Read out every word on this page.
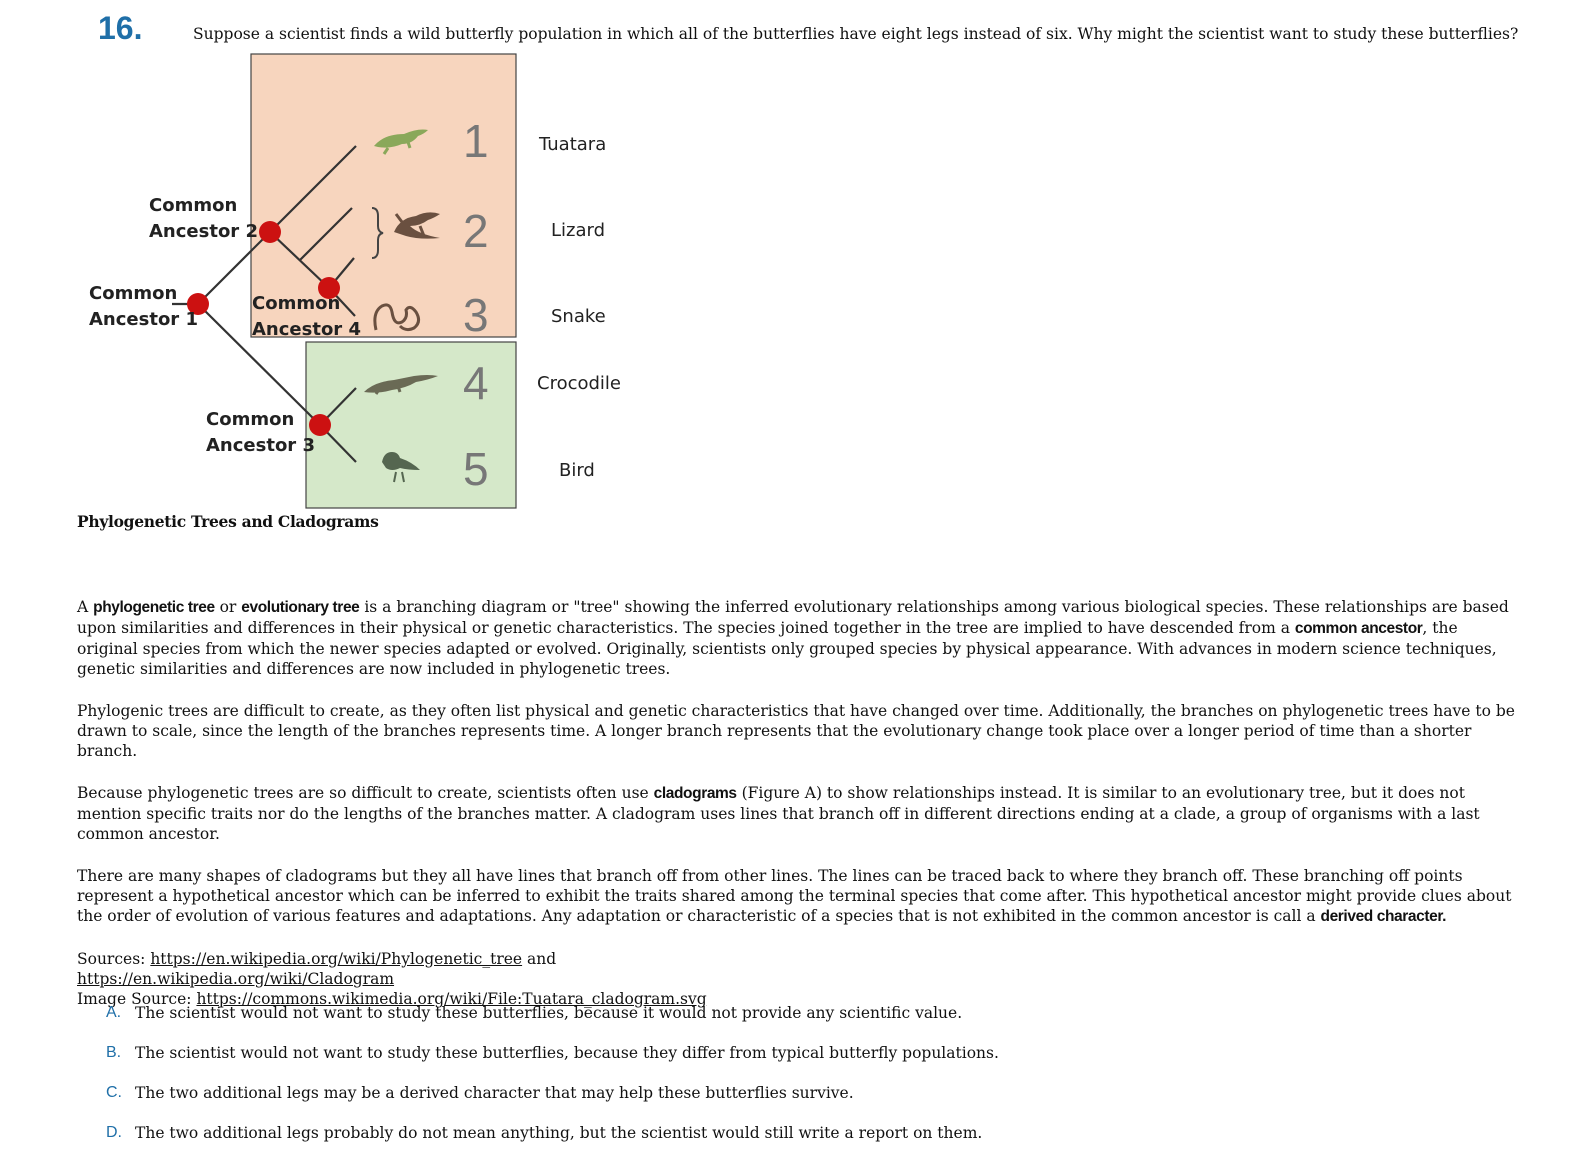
16.	Suppose a scientist finds a wild butterfly population in which all of the butterflies have eight legs instead of six. Why might the scientist want to study these butterflies?
Common
Ancestor 2
Common
Ancestor 1
Common
Ancestor 4
Common
Ancestor 3
1
2
3
4
5
Tuatara
Lizard
Snake
Crocodile
Bird
Phylogenetic Trees and Cladograms

A phylogenetic tree or evolutionary tree is a branching diagram or "tree" showing the inferred evolutionary relationships among various biological species. These relationships are based upon similarities and differences in their physical or genetic characteristics. The species joined together in the tree are implied to have descended from a common ancestor, the original species from which the newer species adapted or evolved. Originally, scientists only grouped species by physical appearance. With advances in modern science techniques, genetic similarities and differences are now included in phylogenetic trees.

Phylogenic trees are difficult to create, as they often list physical and genetic characteristics that have changed over time. Additionally, the branches on phylogenetic trees have to be drawn to scale, since the length of the branches represents time. A longer branch represents that the evolutionary change took place over a longer period of time than a shorter branch.

Because phylogenetic trees are so difficult to create, scientists often use cladograms (Figure A) to show relationships instead. It is similar to an evolutionary tree, but it does not mention specific traits nor do the lengths of the branches matter. A cladogram uses lines that branch off in different directions ending at a clade, a group of organisms with a last common ancestor.

There are many shapes of cladograms but they all have lines that branch off from other lines. The lines can be traced back to where they branch off. These branching off points represent a hypothetical ancestor which can be inferred to exhibit the traits shared among the terminal species that come after. This hypothetical ancestor might provide clues about the order of evolution of various features and adaptations. Any adaptation or characteristic of a species that is not exhibited in the common ancestor is call a derived character.

Sources: https://en.wikipedia.org/wiki/Phylogenetic_tree and
https://en.wikipedia.org/wiki/Cladogram
Image Source: https://commons.wikimedia.org/wiki/File:Tuatara_cladogram.svg

A. The scientist would not want to study these butterflies, because it would not provide any scientific value.
B. The scientist would not want to study these butterflies, because they differ from typical butterfly populations.
C. The two additional legs may be a derived character that may help these butterflies survive.
D. The two additional legs probably do not mean anything, but the scientist would still write a report on them.
